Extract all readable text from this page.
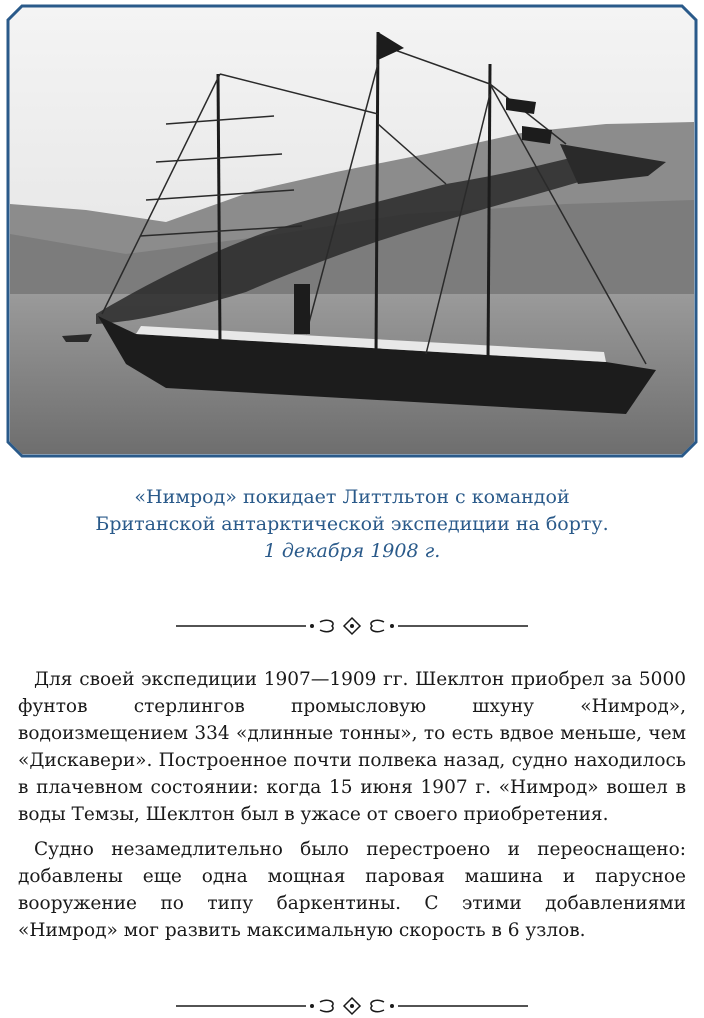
«Нимрод» покидает Литтльтон с командой
Британской антарктической экспедиции на борту.
1 декабря 1908 г.

Для своей экспедиции 1907—1909 гг. Шеклтон приобрел за 5000 фунтов стерлингов промысловую шхуну «Нимрод», водоизмещением 334 «длинные тонны», то есть вдвое меньше, чем «Дискавери». Построенное почти полвека назад, судно находилось в плачевном состоянии: когда 15 июня 1907 г. «Нимрод» вошел в воды Темзы, Шеклтон был в ужасе от своего приобретения.

Судно незамедлительно было перестроено и переоснащено: добавлены еще одна мощная паровая машина и парусное вооружение по типу баркентины. С этими добавлениями «Нимрод» мог развить максимальную скорость в 6 узлов.
